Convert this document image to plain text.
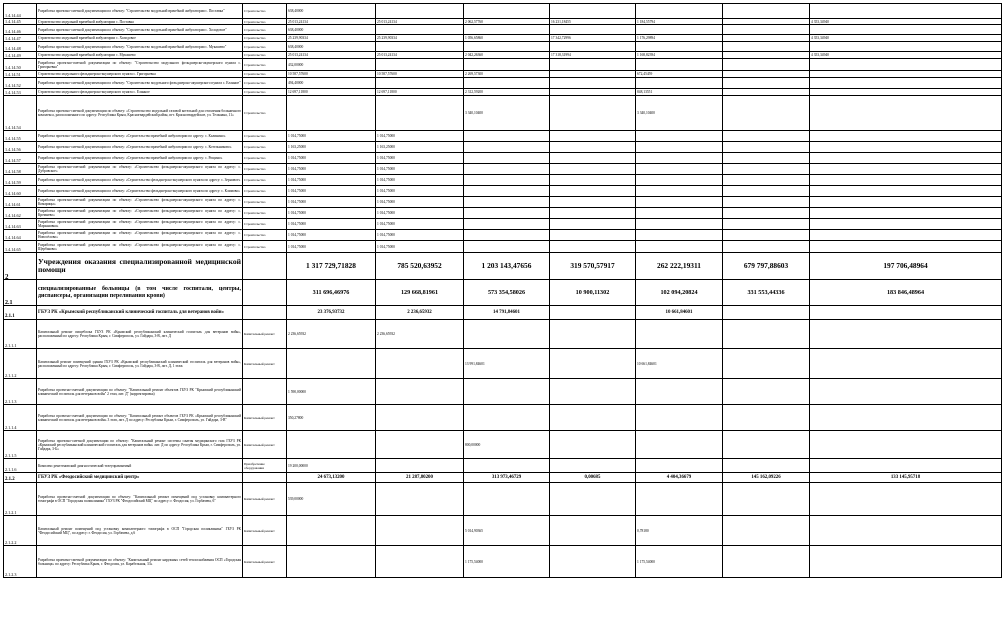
1.4.14.44	Разработка проектно-сметной документации по объекту: "Строительство модульной врачебной амбулатории с. Поставка"	Строительство	638,40000						
1.4.14.45	Строительство модульной врачебной амбулатории с. Поставка	Строительство	25 013,24134	25 013,24134	2 062,57760	16 231,18455	1 184,55794		4 353,34940
1.4.14.46	Разработка проектно-сметной документации по объекту: "Строительство модульной врачебной амбулатории с. Холодовое"	Строительство	638,40000						
1.4.14.47	Строительство модульной врачебной амбулатории с. Холодовое	Строительство	25 239,90334	25 239,90334	1 056,65860	17 342,72996	1 176,29894		4 353,34940
1.4.14.48	Разработка проектно-сметной документации по объекту: "Строительство модульной врачебной амбулатории с. Мукашево"	Строительство	638,40000						
1.4.14.49	Строительство модульной врачебной амбулатории с. Мукашево	Строительство	25 013,24134	25 013,24134	2 042,26360	17 318,31994	1 168,82394		4 353,34940
1.4.14.50	Разработка проектно-сметной документации по объекту: "Строительство модульного фельдшерско-акушерского пункта с. Григорьевка"	Строительство	432,00000						
1.4.14.51	Строительство модульного фельдшерско-акушерского пункта с. Григорьевка	Строительство	10 587,57600	10 587,57600	2 269,57300		672,45459		
1.4.14.52	Разработка проектно-сметной документации по объекту: "Строительство модульного фельдшерско-акушерского пункта с. Еланное"	Строительство	494,40000						
1.4.14.53	Строительство модульного фельдшерско-акушерского пункта с. Еланное	Строительство	12 697,11800	12 697,11800	2 312,59200		848,13551		
1.4.14.54	Разработка проектно-сметной документации по объекту: «Строительство модульной газовой котельной для отопления больничного комплекса, расположенного по адресу: Республика Крым, Красногвардейский район, пгт. Красногвардейское, ул. Тельмана, 11»	Строительство			3 340,10400		3 340,10400		
1.4.14.55	Разработка проектно-сметной документации по объекту: «Строительство врачебной амбулатории по адресу: с. Калинино»	Строительство	1 014,75000	1 014,75000					
1.4.14.56	Разработка проектно-сметной документации по объекту: «Строительство врачебной амбулатории по адресу: с. Котельниково»	Строительство	1 163,25000	1 163,25000					
1.4.14.57	Разработка проектно-сметной документации по объекту: «Строительство врачебной амбулатории по адресу: с. Рощино»	Строительство	1 014,75000	1 014,75000					
1.4.14.58	Разработка проектно-сметной документации по объекту: «Строительство фельдшерско-акушерского пункта по адресу: с. Дубровское»	Строительство	1 014,75000	1 014,75000					
1.4.14.59	Разработка проектно-сметной документации по объекту: «Строительство фельдшерско-акушерского пункта по адресу: с. Зерновое»	Строительство	1 014,75000	1 014,75000					
1.4.14.60	Разработка проектно-сметной документации по объекту: «Строительство фельдшерско-акушерского пункта по адресу: с. Климово»	Строительство	1 014,75000	1 014,75000					
1.4.14.61	Разработка проектно-сметной документации по объекту: «Строительство фельдшерско-акушерского пункта по адресу: с. Комарицы»	Строительство	1 014,75000	1 014,75000					
1.4.14.62	Разработка проектно-сметной документации по объекту: «Строительство фельдшерско-акушерского пункта по адресу: с. Кремнево»	Строительство	1 014,75000	1 014,75000					
1.4.14.63	Разработка проектно-сметной документации по объекту: «Строительство фельдшерско-акушерского пункта по адресу: с. Марьяновка»	Строительство	1 014,75000	1 014,75000					
1.4.14.64	Разработка проектно-сметной документации по объекту: «Строительство фельдшерско-акушерского пункта по адресу: с. Новосёлово»	Строительство	1 014,75000	1 014,75000					
1.4.14.65	Разработка проектно-сметной документации по объекту: «Строительство фельдшерско-акушерского пункта по адресу: с. Щербаково»	Строительство	1 014,75000	1 014,75000					
2	Учреждения оказания специализированной медицинской помощи		1 317 729,71828	785 520,63952	1 203 143,47656	319 570,57917	262 222,19311	679 797,88603	197 706,48964
2.1	специализированные больницы (в том числе госпитали, центры, диспансеры, организации переливания крови)		311 696,46976	129 668,81961	573 354,58026	10 900,11302	102 094,20824	331 553,44336	183 846,48964
2.1.1	ГБУЗ РК «Крымский республиканский клинический госпиталь для ветеранов войн»		23 376,93732	2 236,65932	14 791,84601		10 661,84601		
2.1.1.1	Капитальный ремонт пищеблока ГБУЗ РК «Крымский республиканский клинический госпиталь для ветеранов войн», расположенный по адресу: Республика Крым, г. Симферополь, ул. Гайдара, 3-В, лит. Д	Капитальный ремонт	2 236,65932	2 236,65932					
2.1.1.2	Капитальный ремонт помещений здания ГБУЗ РК «Крымский республиканский клинический госпиталь для ветеранов войн», расположенный по адресу: Республика Крым, г. Симферополь, ул. Гайдара, 3-В, лит. Д, 1 этаж	Капитальный ремонт			13 991,84601		10 661,84601		
2.1.1.3	Разработка проектно-сметной документации по объекту: "Капитальный ремонт объектов ГБУЗ РК "Крымский республиканский клинический госпиталь для ветеранов войн" 2 этап, лит. Д" (корректировка)		1 590,00000						
2.1.1.4	Разработка проектно-сметной документации по объекту: "Капитальный ремонт объектов ГБУЗ РК «Крымский республиканский клинический госпиталь для ветеранов войн» 3 этап, лит. Д по адресу: Республика Крым, г. Симферополь, ул. Гайдара, 3-В"	Капитальный ремонт	350,27800						
2.1.1.5	Разработка проектно-сметной документации по объекту: "Капитальный ремонт системы сжатия медицинского газа ГБУЗ РК «Крымский республиканский клинический госпиталь для ветеранов войн» лит. Д по адресу: Республика Крым, г. Симферополь, ул. Гайдара, 3-Б»	Капитальный ремонт			800,00000				
2.1.1.6	Комплекс рентгеновский диагностический телеуправляемый	Приобретение оборудования	19 200,00000						
2.1.2	ГБУЗ РК «Феодосийский медицинский центр»		24 673,13200	21 287,80200	313 973,46729	0,00685	4 404,36679	145 162,09226	133 145,95718
2.1.2.1	Разработка проектно-сметной документации по объекту: "Капитальный ремонт помещений под установку компьютерного томографа в ОСП "Городская поликлиника" ГБУЗ РК "Феодосийский МЦ" по адресу: г. Феодосия, ул. Горбачева, 6"	Капитальный ремонт	539,00000						
2.1.2.2	Капитальный ремонт помещений под установку компьютерного томографа в ОСП "Городская поликлиника" ГБУЗ РК "Феодосийский МЦ", по адресу: г. Феодосия, ул. Горбачева, д.6	Капитальный ремонт			5 014,90365		0,78180		
2.1.2.3	Разработка проектно-сметной документации по объекту: "Капитальный ремонт наружных сетей теплоснабжения ОСП «Городская больница» по адресу: Республика Крым, г. Феодосия, ул. Карабельная, 33»	Капитальный ремонт			1 175,54000		1 175,54000		
